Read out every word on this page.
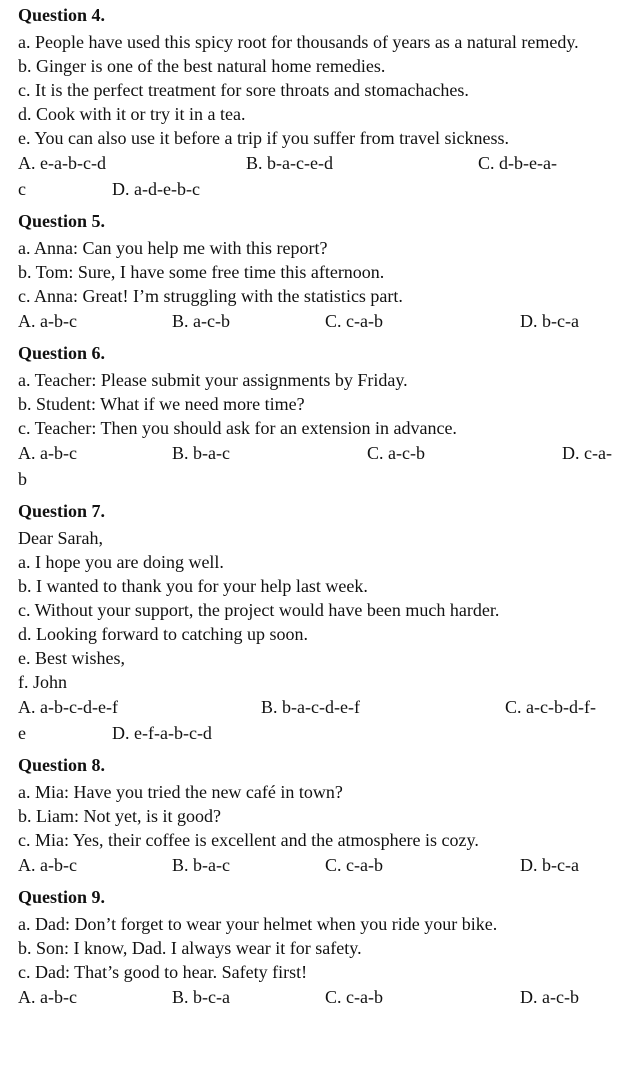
Question 4.
a. People have used this spicy root for thousands of years as a natural remedy.
b. Ginger is one of the best natural home remedies.
c. It is the perfect treatment for sore throats and stomachaches.
d. Cook with it or try it in a tea.
e. You can also use it before a trip if you suffer from travel sickness.
A. e-a-b-c-d	B. b-a-c-e-d	C. d-b-e-a-
c	D. a-d-e-b-c
Question 5.
a. Anna: Can you help me with this report?
b. Tom: Sure, I have some free time this afternoon.
c. Anna: Great! I’m struggling with the statistics part.
A. a-b-c	B. a-c-b	C. c-a-b	D. b-c-a
Question 6.
a. Teacher: Please submit your assignments by Friday.
b. Student: What if we need more time?
c. Teacher: Then you should ask for an extension in advance.
A. a-b-c	B. b-a-c	C. a-c-b	D. c-a-
b
Question 7.
Dear Sarah,
a. I hope you are doing well.
b. I wanted to thank you for your help last week.
c. Without your support, the project would have been much harder.
d. Looking forward to catching up soon.
e. Best wishes,
f. John
A. a-b-c-d-e-f	B. b-a-c-d-e-f	C. a-c-b-d-f-
e	D. e-f-a-b-c-d
Question 8.
a. Mia: Have you tried the new café in town?
b. Liam: Not yet, is it good?
c. Mia: Yes, their coffee is excellent and the atmosphere is cozy.
A. a-b-c	B. b-a-c	C. c-a-b	D. b-c-a
Question 9.
a. Dad: Don’t forget to wear your helmet when you ride your bike.
b. Son: I know, Dad. I always wear it for safety.
c. Dad: That’s good to hear. Safety first!
A. a-b-c	B. b-c-a	C. c-a-b	D. a-c-b
